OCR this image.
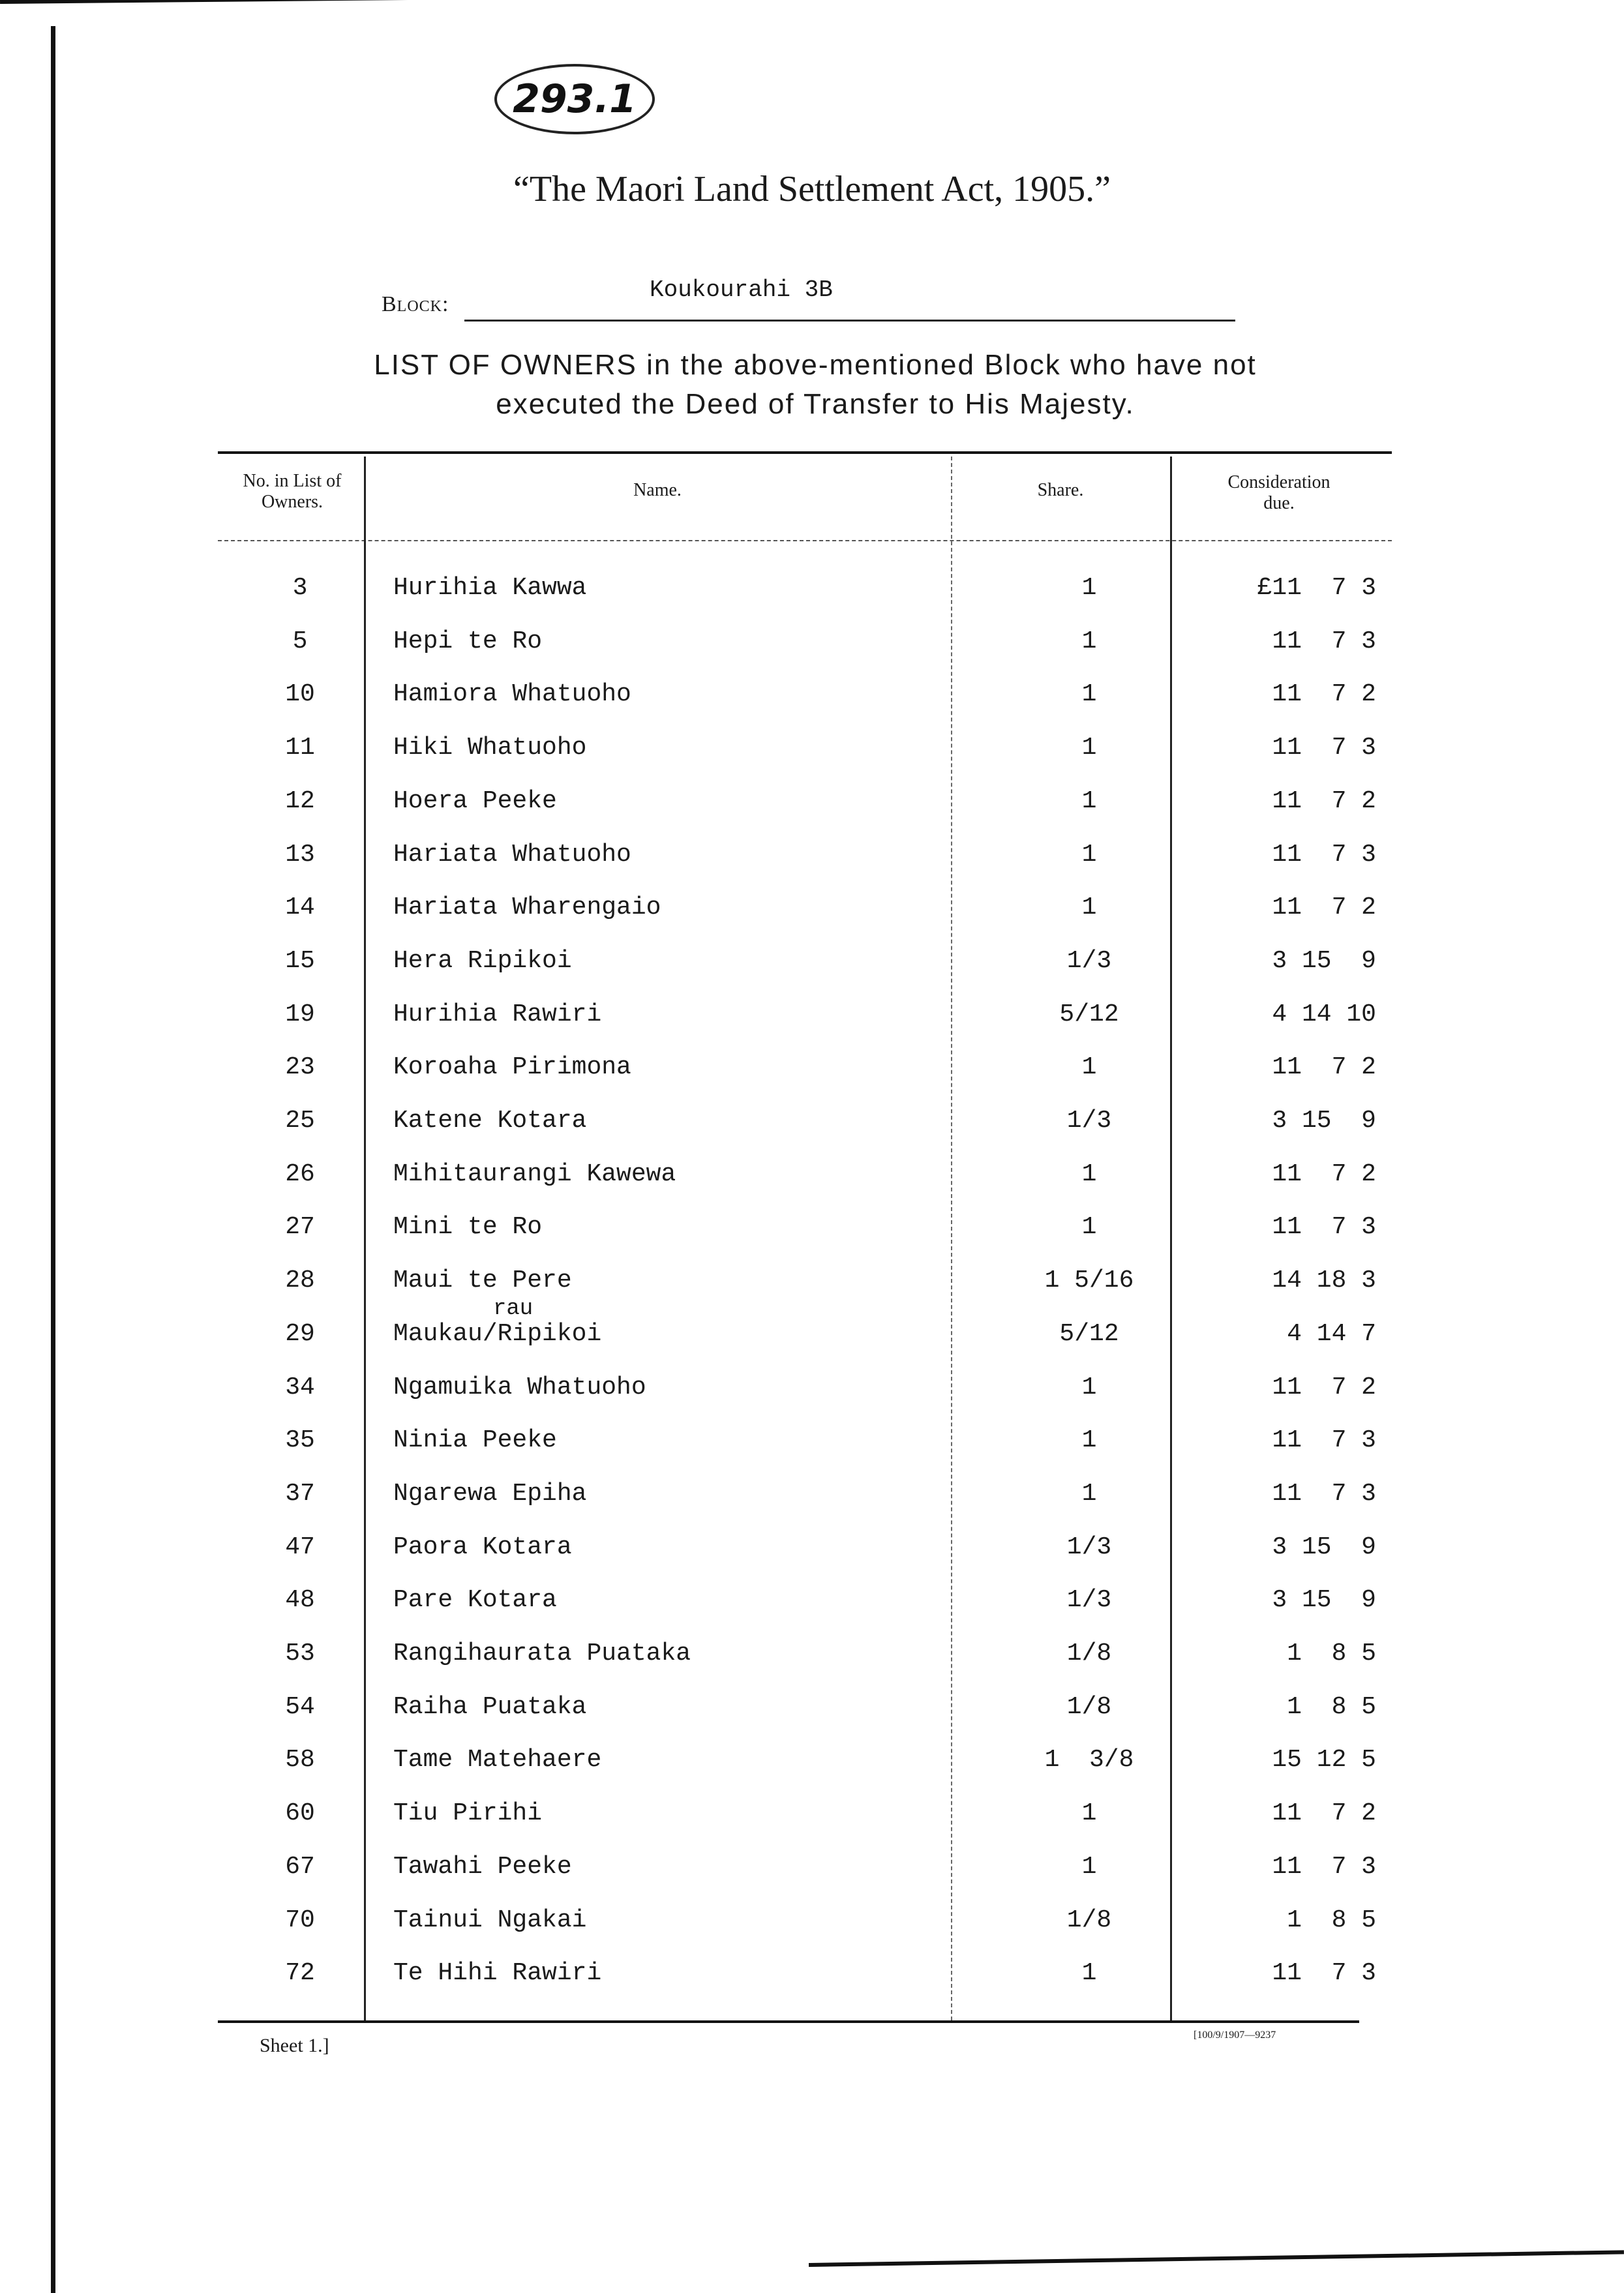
293.1
“The Maori Land Settlement Act, 1905.”
Koukourahi 3B
Block:
LIST OF OWNERS in the above-mentioned Block who have not
executed the Deed of Transfer to His Majesty.
No. in List of
Owners.
Name.	Share.	Consideration
due.
3	Hurihia Kawwa	1	£11  7 3
5	Hepi te Ro	1	11  7 3
10	Hamiora Whatuoho	1	11  7 2
11	Hiki Whatuoho	1	11  7 3
12	Hoera Peeke	1	11  7 2
13	Hariata Whatuoho	1	11  7 3
14	Hariata Wharengaio	1	11  7 2
15	Hera Ripikoi	1/3	3 15  9
19	Hurihia Rawiri	5/12	4 14 10
23	Koroaha Pirimona	1	11  7 2
25	Katene Kotara	1/3	3 15  9
26	Mihitaurangi Kawewa	1	11  7 2
27	Mini te Ro	1	11  7 3
28	Maui te Pere	1 5/16	14 18 3
29	Maukau/Ripikoi	5/12	4 14 7
34	Ngamuika Whatuoho	1	11  7 2
35	Ninia Peeke	1	11  7 3
37	Ngarewa Epiha	1	11  7 3
47	Paora Kotara	1/3	3 15  9
48	Pare Kotara	1/3	3 15  9
53	Rangihaurata Puataka	1/8	1  8 5
54	Raiha Puataka	1/8	1  8 5
58	Tame Matehaere	1  3/8	15 12 5
60	Tiu Pirihi	1	11  7 2
67	Tawahi Peeke	1	11  7 3
70	Tainui Ngakai	1/8	1  8 5
72	Te Hihi Rawiri	1	11  7 3
rau
Sheet 1.]	[100/9/1907—9237
